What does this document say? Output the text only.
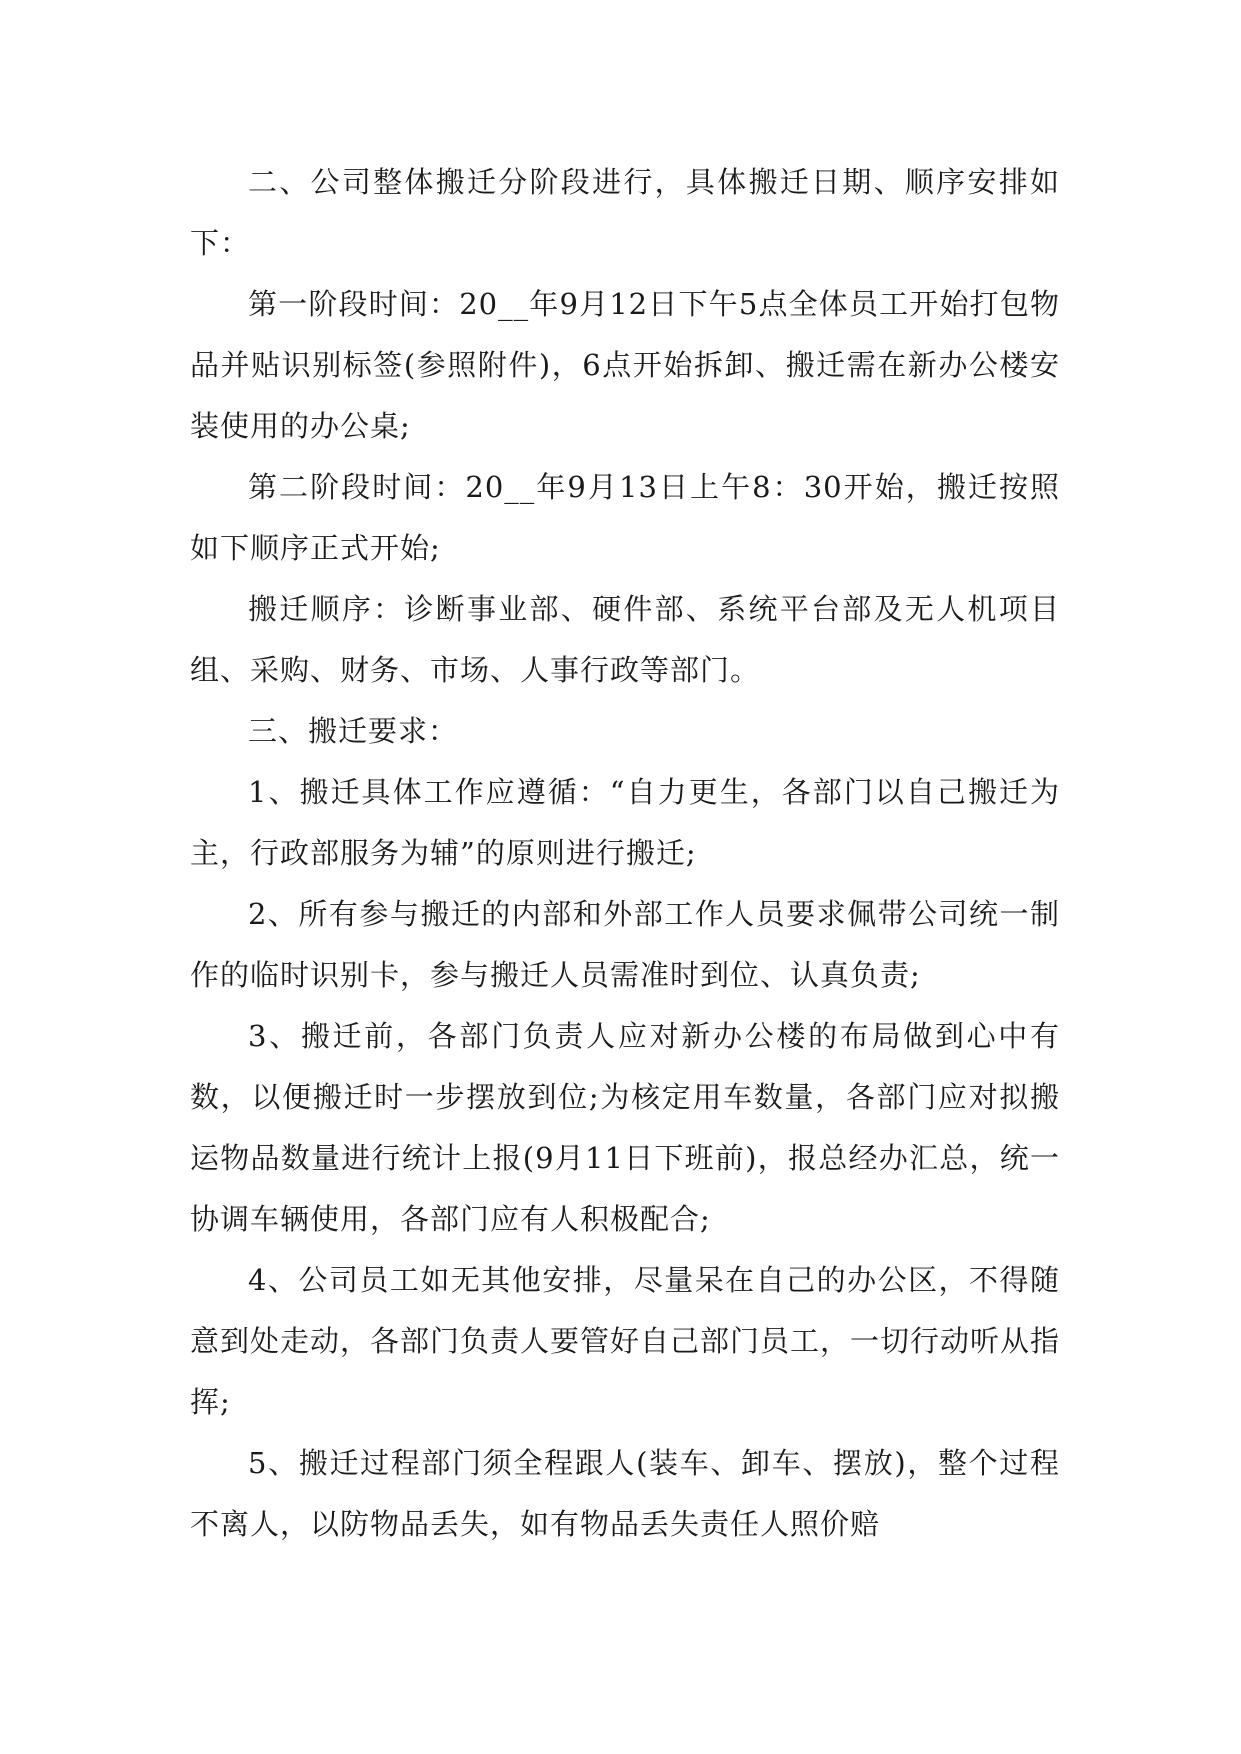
二、公司整体搬迁分阶段进行，具体搬迁日期、顺序安排如下：

第一阶段时间：20__年9月12日下午5点全体员工开始打包物品并贴识别标签(参照附件)，6点开始拆卸、搬迁需在新办公楼安装使用的办公桌;

第二阶段时间：20__年9月13日上午8：30开始，搬迁按照如下顺序正式开始;

搬迁顺序：诊断事业部、硬件部、系统平台部及无人机项目组、采购、财务、市场、人事行政等部门。

三、搬迁要求：

1、搬迁具体工作应遵循：“自力更生，各部门以自己搬迁为主，行政部服务为辅”的原则进行搬迁;

2、所有参与搬迁的内部和外部工作人员要求佩带公司统一制作的临时识别卡，参与搬迁人员需准时到位、认真负责;

3、搬迁前，各部门负责人应对新办公楼的布局做到心中有数，以便搬迁时一步摆放到位;为核定用车数量，各部门应对拟搬运物品数量进行统计上报(9月11日下班前)，报总经办汇总，统一协调车辆使用，各部门应有人积极配合;

4、公司员工如无其他安排，尽量呆在自己的办公区，不得随意到处走动，各部门负责人要管好自己部门员工，一切行动听从指挥;

5、搬迁过程部门须全程跟人(装车、卸车、摆放)，整个过程不离人，以防物品丢失，如有物品丢失责任人照价赔
